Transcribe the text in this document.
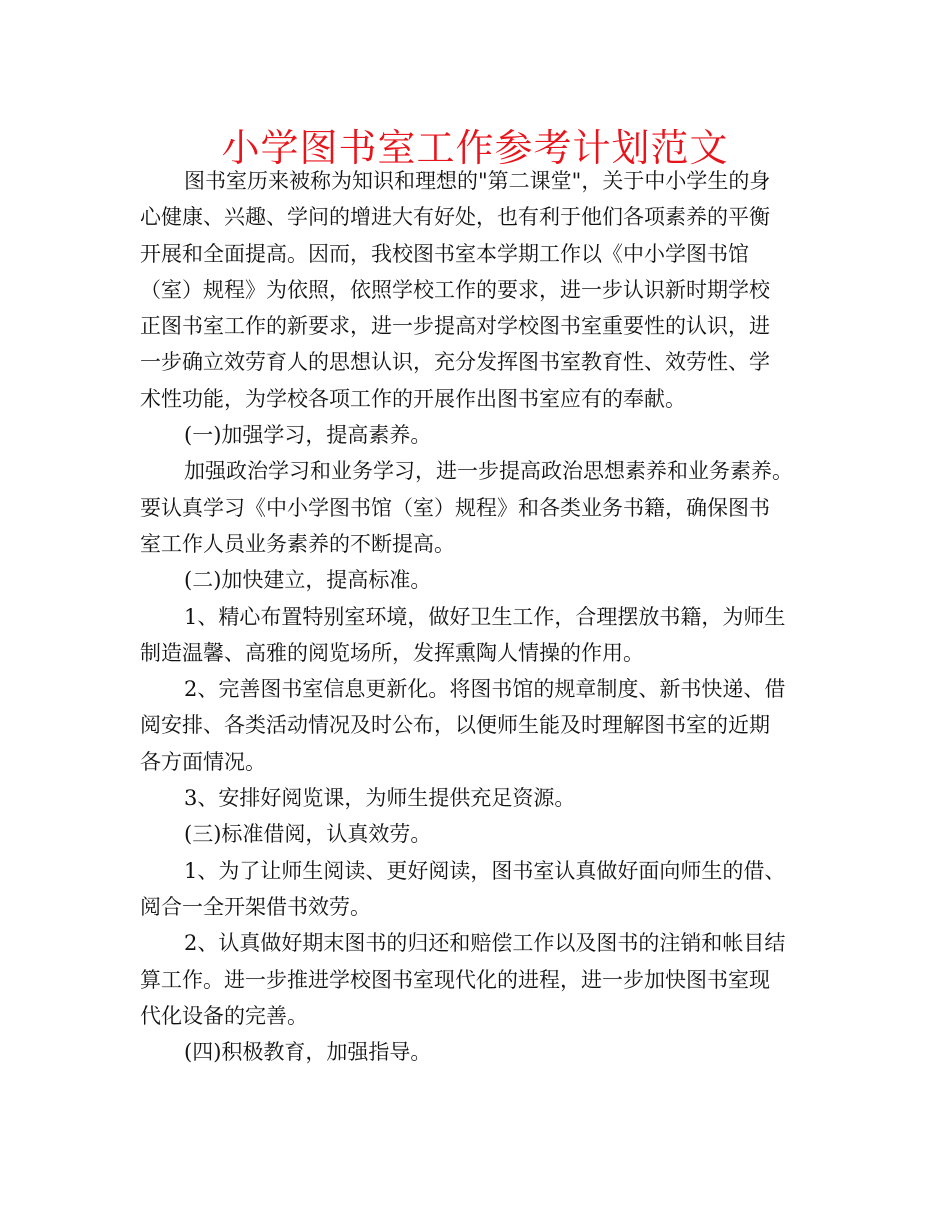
小学图书室工作参考计划范文
图书室历来被称为知识和理想的"第二课堂"，关于中小学生的身
心健康、兴趣、学问的增进大有好处，也有利于他们各项素养的平衡
开展和全面提高。因而，我校图书室本学期工作以《中小学图书馆
（室）规程》为依照，依照学校工作的要求，进一步认识新时期学校
正图书室工作的新要求，进一步提高对学校图书室重要性的认识，进
一步确立效劳育人的思想认识，充分发挥图书室教育性、效劳性、学
术性功能，为学校各项工作的开展作出图书室应有的奉献。
(一)加强学习，提高素养。
加强政治学习和业务学习，进一步提高政治思想素养和业务素养。
要认真学习《中小学图书馆（室）规程》和各类业务书籍，确保图书
室工作人员业务素养的不断提高。
(二)加快建立，提高标准。
1、精心布置特别室环境，做好卫生工作，合理摆放书籍，为师生
制造温馨、高雅的阅览场所，发挥熏陶人情操的作用。
2、完善图书室信息更新化。将图书馆的规章制度、新书快递、借
阅安排、各类活动情况及时公布，以便师生能及时理解图书室的近期
各方面情况。
3、安排好阅览课，为师生提供充足资源。
(三)标准借阅，认真效劳。
1、为了让师生阅读、更好阅读，图书室认真做好面向师生的借、
阅合一全开架借书效劳。
2、认真做好期末图书的归还和赔偿工作以及图书的注销和帐目结
算工作。进一步推进学校图书室现代化的进程，进一步加快图书室现
代化设备的完善。
(四)积极教育，加强指导。
